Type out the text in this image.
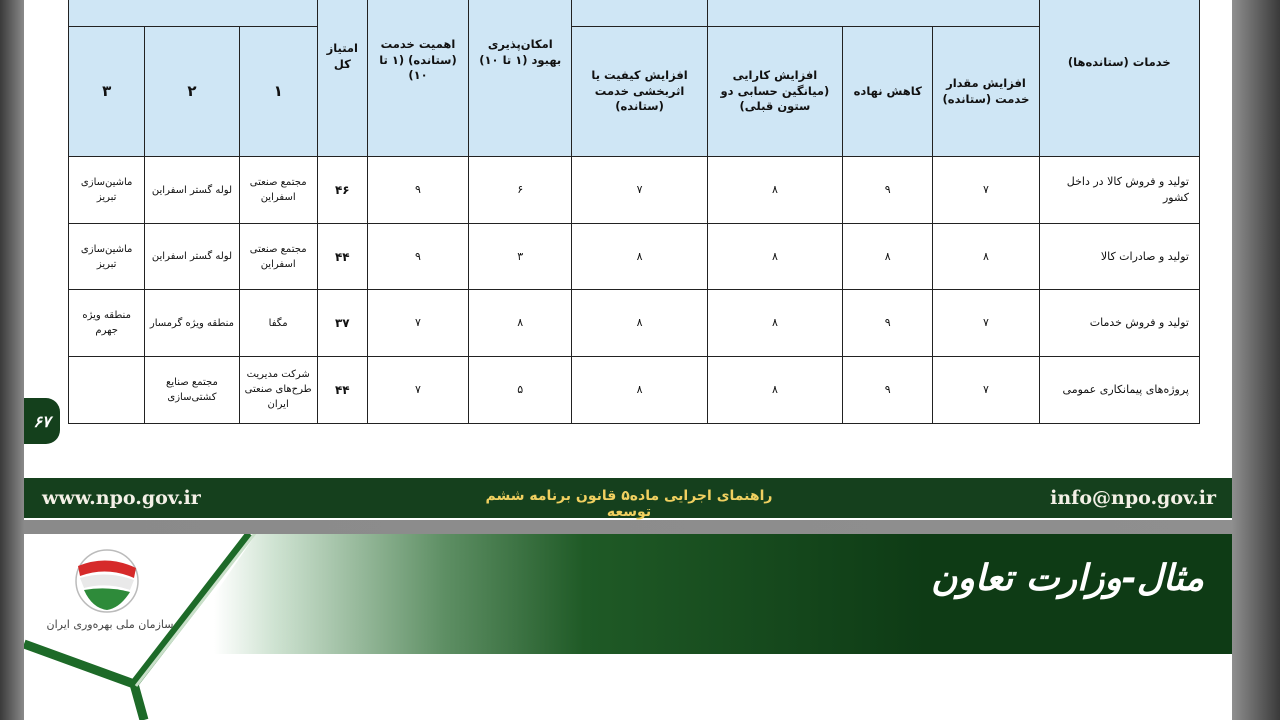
خدمات (ستانده‌ها)					امکان‌پذیری بهبود (۱ تا ۱۰)	اهمیت خدمت (ستانده) (۱ تا ۱۰)	امتیاز کل	
	افزایش مقدار خدمت (ستانده)	کاهش نهاده	افزایش کارایی (میانگین حسابی دو ستون قبلی)	افزایش کیفیت یا اثربخشی خدمت (ستانده)				۱	۲	۳
تولید و فروش کالا در داخل کشور	۷	۹	۸	۷	۶	۹	۴۶	مجتمع صنعتی اسفراین	لوله گستر اسفراین	ماشین‌سازی تبریز
تولید و صادرات کالا	۸	۸	۸	۸	۳	۹	۴۴	مجتمع صنعتی اسفراین	لوله گستر اسفراین	ماشین‌سازی تبریز
تولید و فروش خدمات	۷	۹	۸	۸	۸	۷	۳۷	مگفا	منطقه ویژه گرمسار	منطقه ویژه جهرم
پروژه‌های پیمانکاری عمومی	۷	۹	۸	۸	۵	۷	۴۴	شرکت مدیریت طرح‌های صنعتی ایران	مجتمع صنایع کشتی‌سازی	
۶۷
www.npo.gov.ir	راهنمای اجرایی ماده۵ قانون برنامه ششم توسعه
info@npo.gov.ir
مثال-وزارت تعاون
سازمان ملی بهره‌وری ایران
